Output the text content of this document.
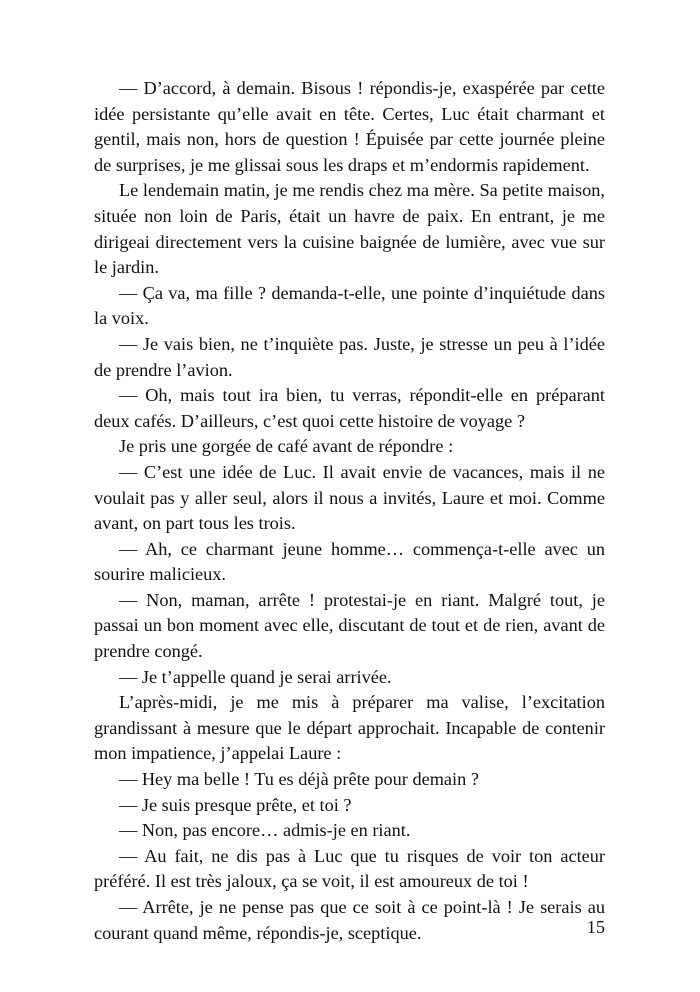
— D’accord, à demain. Bisous ! répondis-je, exaspérée par cette idée persistante qu’elle avait en tête. Certes, Luc était charmant et gentil, mais non, hors de question ! Épuisée par cette journée pleine de surprises, je me glissai sous les draps et m’endormis rapidement.

Le lendemain matin, je me rendis chez ma mère. Sa petite maison, située non loin de Paris, était un havre de paix. En entrant, je me dirigeai directement vers la cuisine baignée de lumière, avec vue sur le jardin.

— Ça va, ma fille ? demanda-t-elle, une pointe d’inquiétude dans la voix.

— Je vais bien, ne t’inquiète pas. Juste, je stresse un peu à l’idée de prendre l’avion.

— Oh, mais tout ira bien, tu verras, répondit-elle en préparant deux cafés. D’ailleurs, c’est quoi cette histoire de voyage ?

Je pris une gorgée de café avant de répondre :

— C’est une idée de Luc. Il avait envie de vacances, mais il ne voulait pas y aller seul, alors il nous a invités, Laure et moi. Comme avant, on part tous les trois.

— Ah, ce charmant jeune homme… commença-t-elle avec un sourire malicieux.

— Non, maman, arrête ! protestai-je en riant. Malgré tout, je passai un bon moment avec elle, discutant de tout et de rien, avant de prendre congé.

— Je t’appelle quand je serai arrivée.

L’après-midi, je me mis à préparer ma valise, l’excitation grandissant à mesure que le départ approchait. Incapable de contenir mon impatience, j’appelai Laure :

— Hey ma belle ! Tu es déjà prête pour demain ?

— Je suis presque prête, et toi ?

— Non, pas encore… admis-je en riant.

— Au fait, ne dis pas à Luc que tu risques de voir ton acteur préféré. Il est très jaloux, ça se voit, il est amoureux de toi !

— Arrête, je ne pense pas que ce soit à ce point-là ! Je serais au courant quand même, répondis-je, sceptique.	15
